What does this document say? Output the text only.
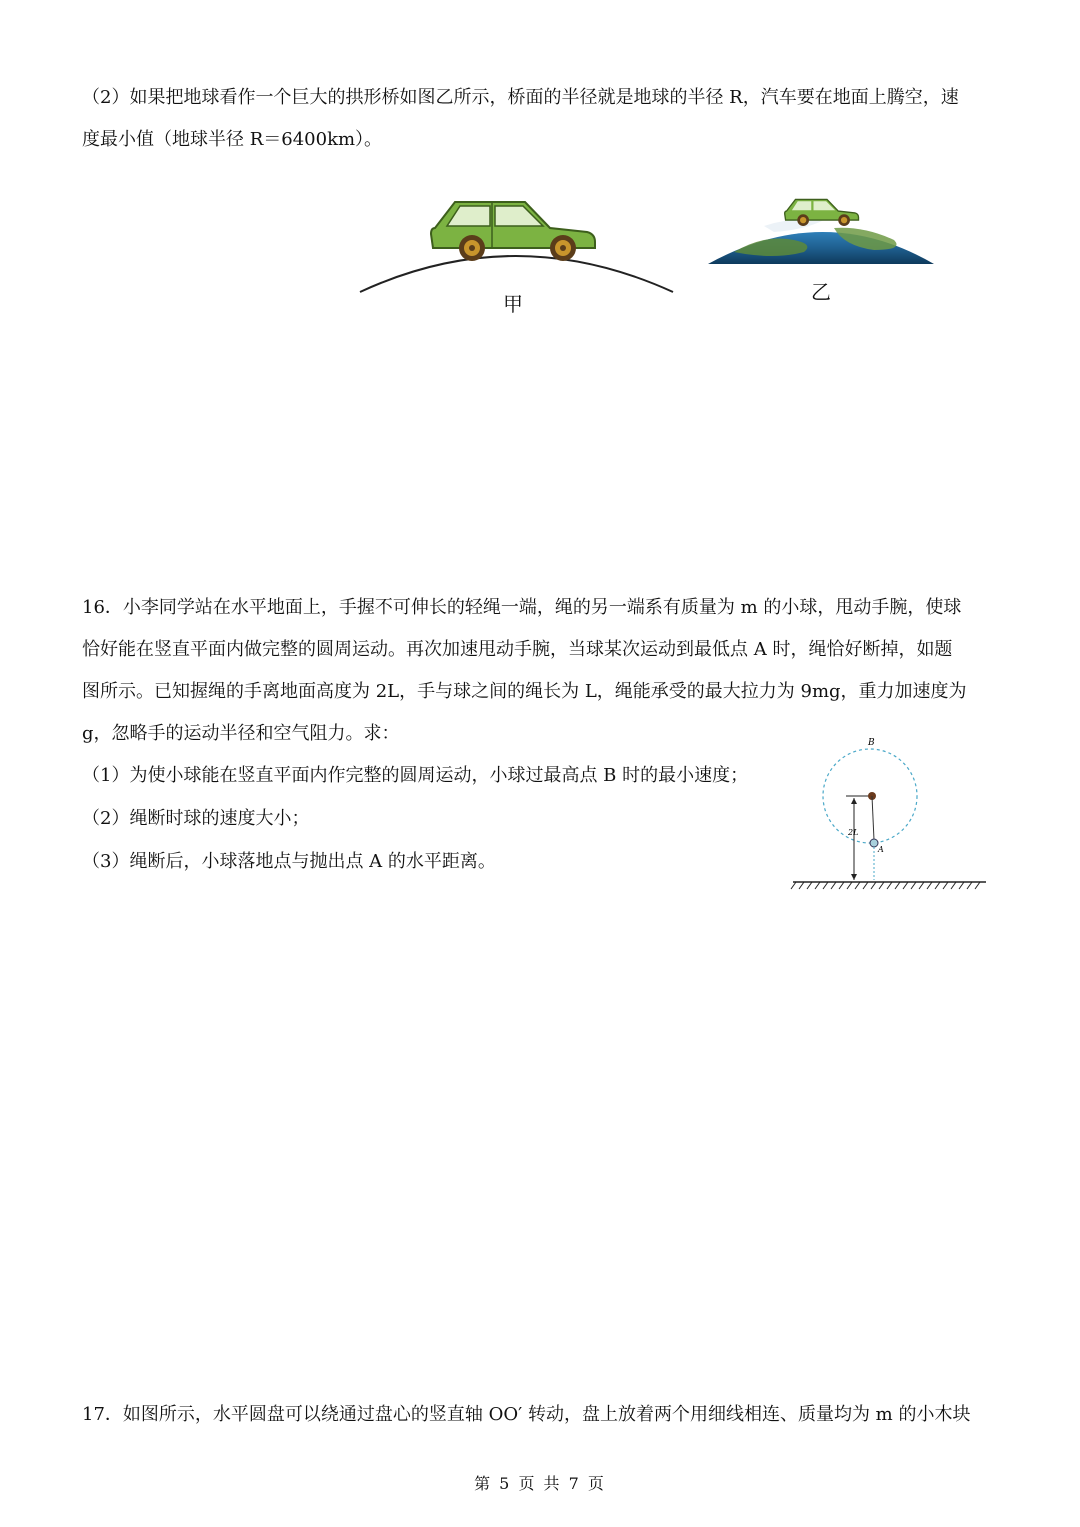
（2）如果把地球看作一个巨大的拱形桥如图乙所示，桥面的半径就是地球的半径 R，汽车要在地面上腾空，速
度最小值（地球半径 R＝6400km）。
甲	乙
16．小李同学站在水平地面上，手握不可伸长的轻绳一端，绳的另一端系有质量为 m 的小球，甩动手腕，使球
恰好能在竖直平面内做完整的圆周运动。再次加速甩动手腕，当球某次运动到最低点 A 时，绳恰好断掉，如题
图所示。已知握绳的手离地面高度为 2L，手与球之间的绳长为 L，绳能承受的最大拉力为 9mg，重力加速度为
g，忽略手的运动半径和空气阻力。求：
（1）为使小球能在竖直平面内作完整的圆周运动，小球过最高点 B 时的最小速度；
（2）绳断时球的速度大小；
（3）绳断后，小球落地点与抛出点 A 的水平距离。
B
A
2L
17．如图所示，水平圆盘可以绕通过盘心的竖直轴 OO′ 转动，盘上放着两个用细线相连、质量均为 m 的小木块
第 5 页 共 7 页
